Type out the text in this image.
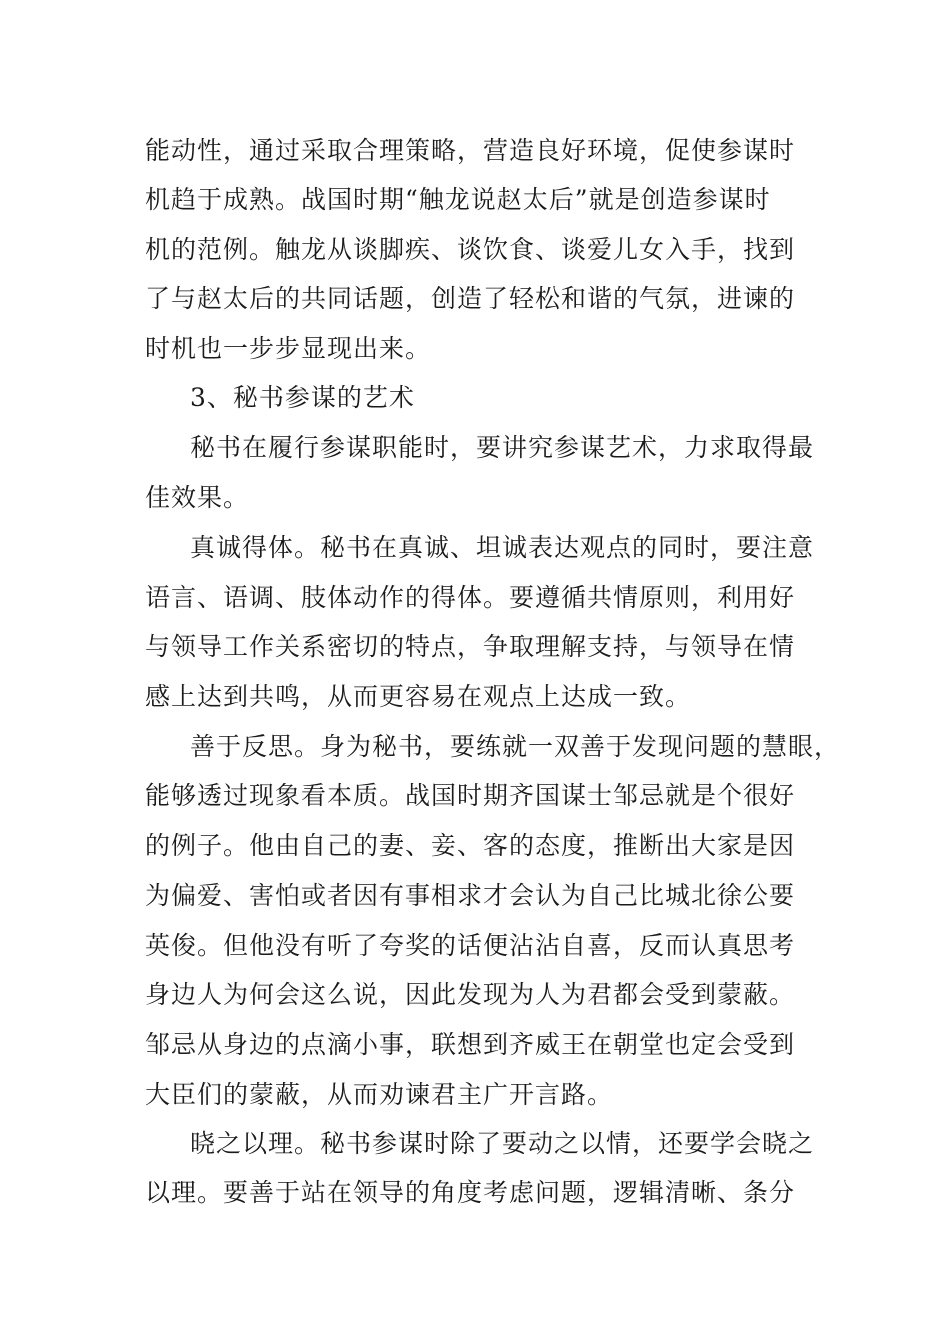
能动性，通过采取合理策略，营造良好环境，促使参谋时
机趋于成熟。战国时期“触龙说赵太后”就是创造参谋时
机的范例。触龙从谈脚疾、谈饮食、谈爱儿女入手，找到
了与赵太后的共同话题，创造了轻松和谐的气氛，进谏的
时机也一步步显现出来。
3、秘书参谋的艺术
秘书在履行参谋职能时，要讲究参谋艺术，力求取得最
佳效果。
真诚得体。秘书在真诚、坦诚表达观点的同时，要注意
语言、语调、肢体动作的得体。要遵循共情原则，利用好
与领导工作关系密切的特点，争取理解支持，与领导在情
感上达到共鸣，从而更容易在观点上达成一致。
善于反思。身为秘书，要练就一双善于发现问题的慧眼，
能够透过现象看本质。战国时期齐国谋士邹忌就是个很好
的例子。他由自己的妻、妾、客的态度，推断出大家是因
为偏爱、害怕或者因有事相求才会认为自己比城北徐公要
英俊。但他没有听了夸奖的话便沾沾自喜，反而认真思考
身边人为何会这么说，因此发现为人为君都会受到蒙蔽。
邹忌从身边的点滴小事，联想到齐威王在朝堂也定会受到
大臣们的蒙蔽，从而劝谏君主广开言路。
晓之以理。秘书参谋时除了要动之以情，还要学会晓之
以理。要善于站在领导的角度考虑问题，逻辑清晰、条分
